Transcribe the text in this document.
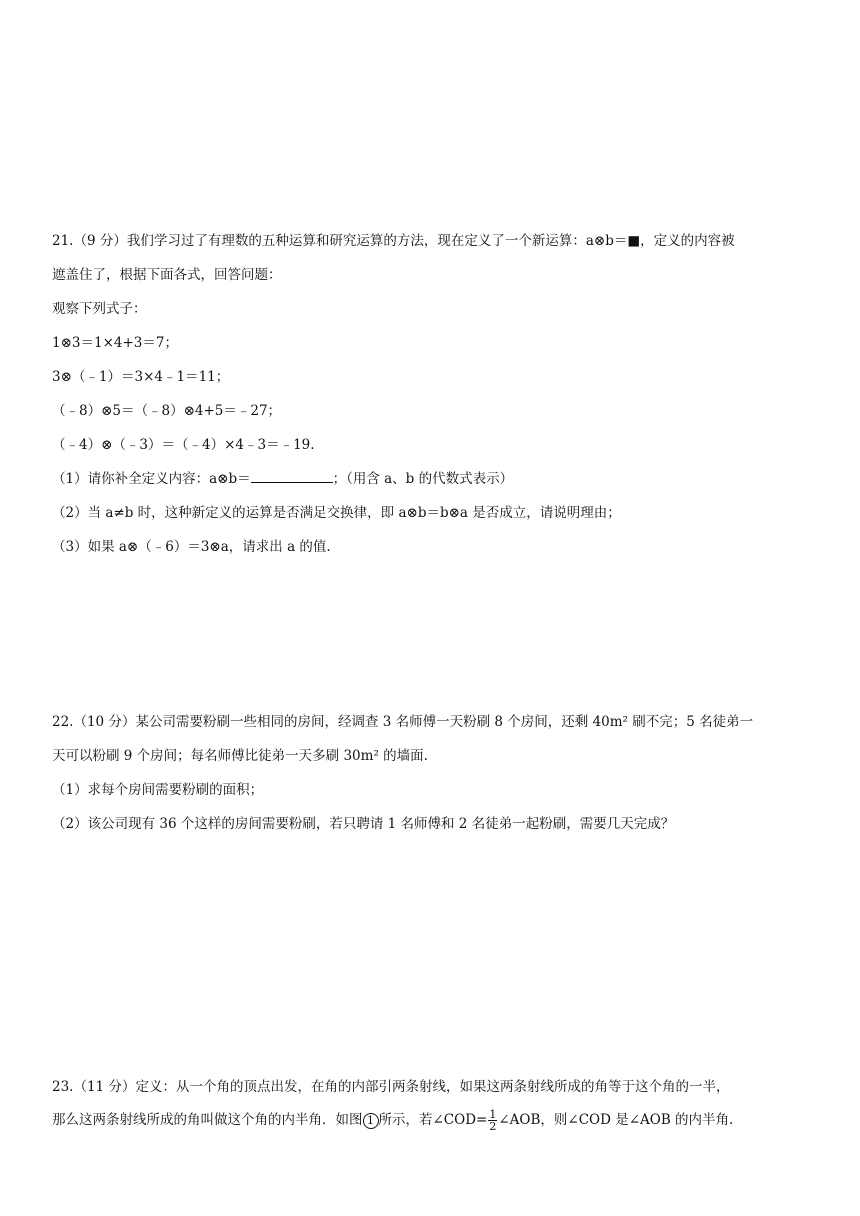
21.（9 分）我们学习过了有理数的五种运算和研究运算的方法，现在定义了一个新运算：a⊗b＝■，定义的内容被
遮盖住了，根据下面各式，回答问题：
观察下列式子：
1⊗3＝1×4+3＝7；
3⊗（﹣1）＝3×4﹣1＝11；
（﹣8）⊗5＝（﹣8）⊗4+5＝﹣27；
（﹣4）⊗（﹣3）＝（﹣4）×4﹣3＝﹣19.
（1）请你补全定义内容：a⊗b＝	；（用含 a、b 的代数式表示）
（2）当 a≠b 时，这种新定义的运算是否满足交换律，即 a⊗b＝b⊗a 是否成立，请说明理由；
（3）如果 a⊗（﹣6）＝3⊗a，请求出 a 的值.
22.（10 分）某公司需要粉刷一些相同的房间，经调查 3 名师傅一天粉刷 8 个房间，还剩 40m² 刷不完；5 名徒弟一
天可以粉刷 9 个房间；每名师傅比徒弟一天多刷 30m² 的墙面.
（1）求每个房间需要粉刷的面积；
（2）该公司现有 36 个这样的房间需要粉刷，若只聘请 1 名师傅和 2 名徒弟一起粉刷，需要几天完成？
23.（11 分）定义：从一个角的顶点出发，在角的内部引两条射线，如果这两条射线所成的角等于这个角的一半，
那么这两条射线所成的角叫做这个角的内半角．如图 1 所示，若∠COD= $\frac{1}{2}$ ∠AOB，则∠COD 是∠AOB 的内半角.
